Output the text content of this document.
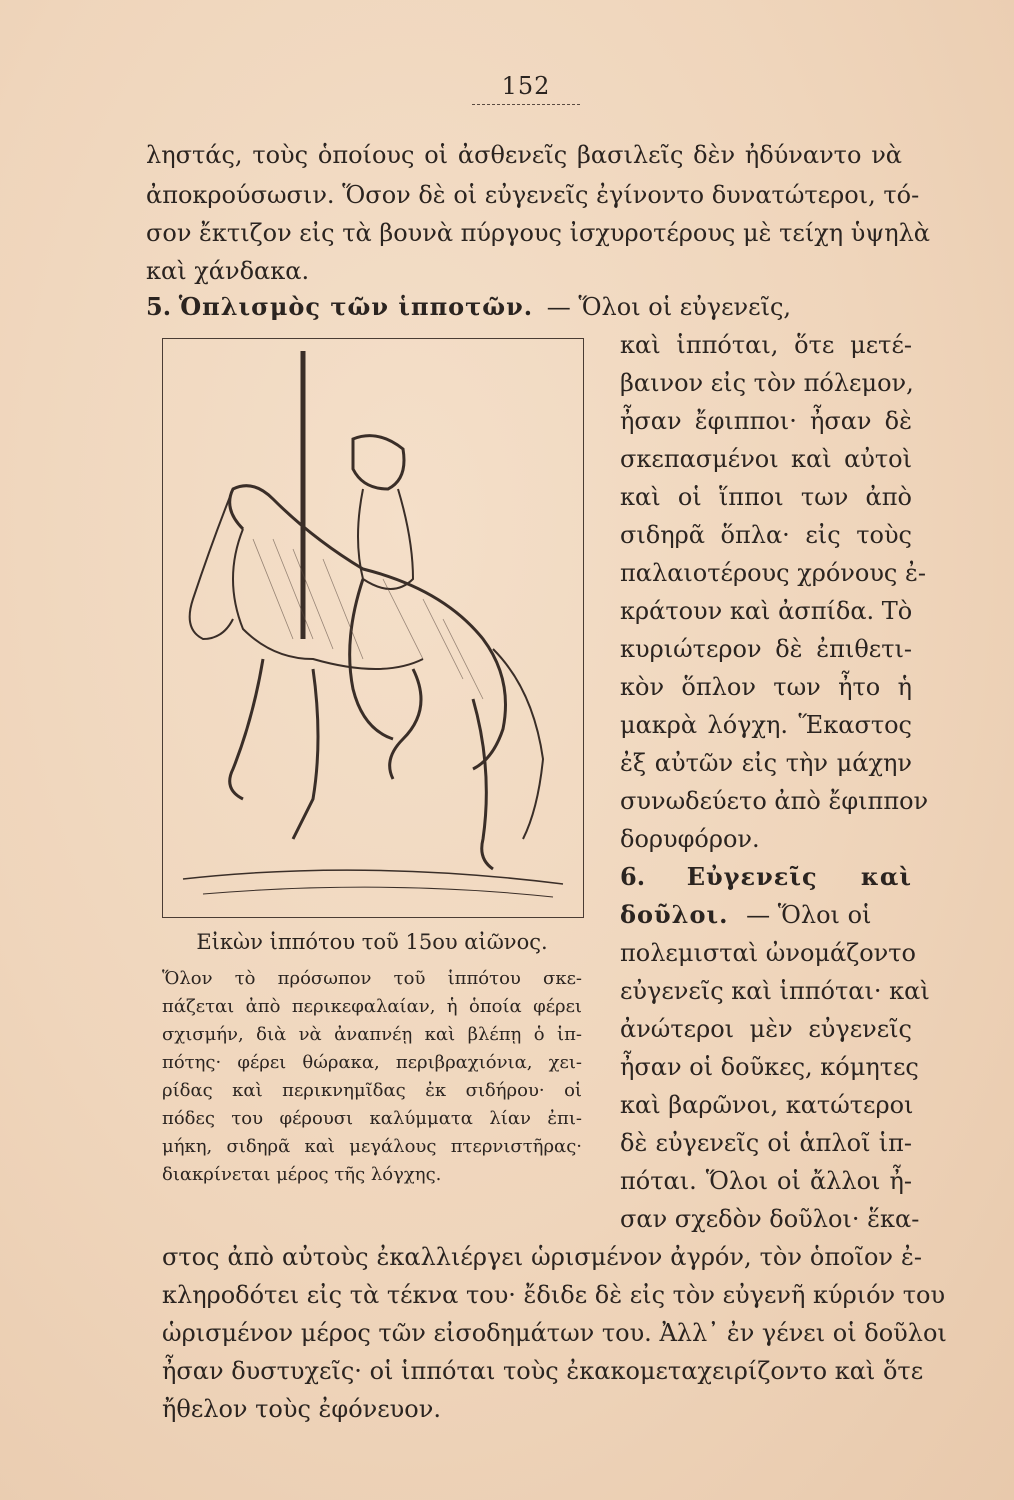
152
ληστάς, τοὺς ὁποίους οἱ ἀσθενεῖς βασιλεῖς δὲν ἠδύναντο νὰ
ἀποκρούσωσιν. Ὅσον δὲ οἱ εὐγενεῖς ἐγίνοντο δυνατώτεροι, τό-
σον ἔκτιζον εἰς τὰ βουνὰ πύργους ἰσχυροτέρους μὲ τείχη ὑψηλὰ
καὶ χάνδακα.
5. Ὁπλισμὸς τῶν ἱπποτῶν. — Ὅλοι οἱ εὐγενεῖς,
καὶ ἱππόται, ὅτε μετέ-
βαινον εἰς τὸν πόλεμον,
ἦσαν ἔφιπποι· ἦσαν δὲ
σκεπασμένοι καὶ αὐτοὶ
καὶ οἱ ἵπποι των ἀπὸ
σιδηρᾶ ὅπλα· εἰς τοὺς
παλαιοτέρους χρόνους ἐ-
κράτουν καὶ ἀσπίδα. Τὸ
κυριώτερον δὲ ἐπιθετι-
κὸν ὅπλον των ἦτο ἡ
μακρὰ λόγχη. Ἕκαστος
ἐξ αὐτῶν εἰς τὴν μάχην
συνωδεύετο ἀπὸ ἔφιππον
δορυφόρον.
6. Εὐγενεῖς καὶ
δοῦλοι. — Ὅλοι οἱ
πολεμισταὶ ὠνομάζοντο
εὐγενεῖς καὶ ἱππόται· καὶ
ἀνώτεροι μὲν εὐγενεῖς
ἦσαν οἱ δοῦκες, κόμητες
καὶ βαρῶνοι, κατώτεροι
δὲ εὐγενεῖς οἱ ἁπλοῖ ἱπ-
πόται. Ὅλοι οἱ ἄλλοι ἦ-
σαν σχεδὸν δοῦλοι· ἕκα-
Εἰκὼν ἱππότου τοῦ 15ου αἰῶνος.
Ὅλον τὸ πρόσωπον τοῦ ἱππότου σκε-
πάζεται ἀπὸ περικεφαλαίαν, ἡ ὁποία φέρει
σχισμήν, διὰ νὰ ἀναπνέῃ καὶ βλέπῃ ὁ ἱπ-
πότης· φέρει θώρακα, περιβραχιόνια, χει-
ρίδας καὶ περικνημῖδας ἐκ σιδήρου· οἱ
πόδες του φέρουσι καλύμματα λίαν ἐπι-
μήκη, σιδηρᾶ καὶ μεγάλους πτερνιστῆρας·
διακρίνεται μέρος τῆς λόγχης.
στος ἀπὸ αὐτοὺς ἐκαλλιέργει ὡρισμένον ἀγρόν, τὸν ὁποῖον ἐ-
κληροδότει εἰς τὰ τέκνα του· ἔδιδε δὲ εἰς τὸν εὐγενῆ κύριόν του
ὡρισμένον μέρος τῶν εἰσοδημάτων του. Ἀλλ᾽ ἐν γένει οἱ δοῦλοι
ἦσαν δυστυχεῖς· οἱ ἱππόται τοὺς ἐκακομεταχειρίζοντο καὶ ὅτε
ἤθελον τοὺς ἐφόνευον.
